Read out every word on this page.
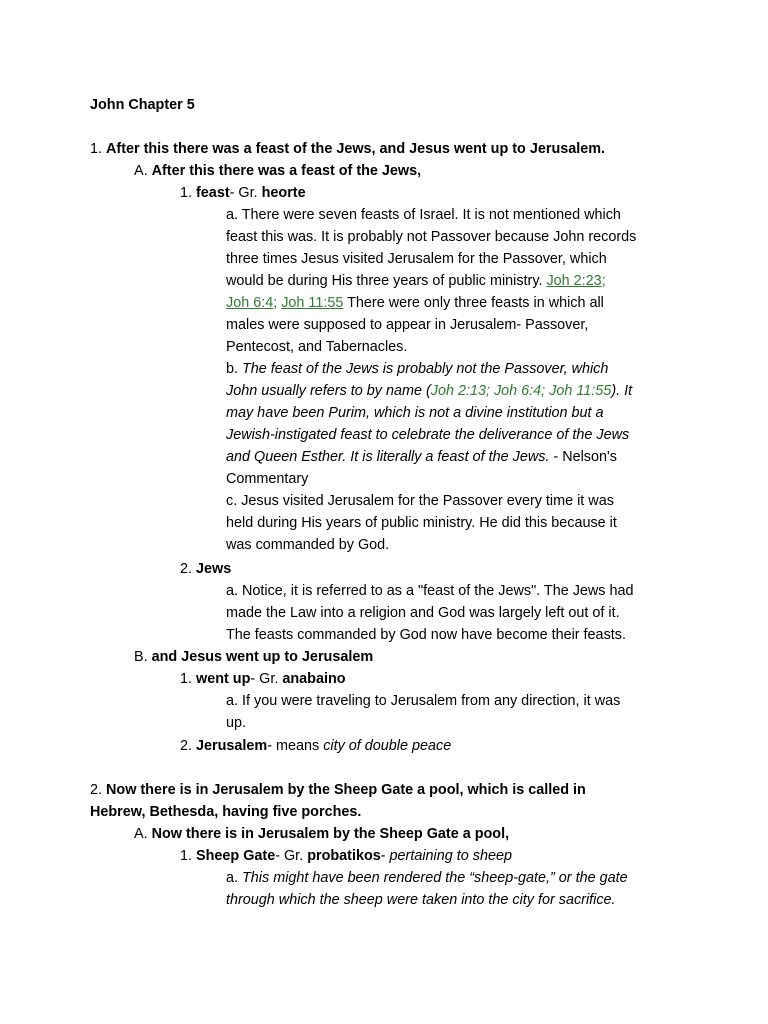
John Chapter 5
1. After this there was a feast of the Jews, and Jesus went up to Jerusalem.
A. After this there was a feast of the Jews,
1. feast- Gr. heorte
a. There were seven feasts of Israel. It is not mentioned which
feast this was. It is probably not Passover because John records
three times Jesus visited Jerusalem for the Passover, which
would be during His three years of public ministry. Joh 2:23;
Joh 6:4; Joh 11:55 There were only three feasts in which all
males were supposed to appear in Jerusalem- Passover,
Pentecost, and Tabernacles.
b. The feast of the Jews is probably not the Passover, which
John usually refers to by name (Joh 2:13; Joh 6:4; Joh 11:55). It
may have been Purim, which is not a divine institution but a
Jewish-instigated feast to celebrate the deliverance of the Jews
and Queen Esther. It is literally a feast of the Jews. - Nelson's
Commentary
c. Jesus visited Jerusalem for the Passover every time it was
held during His years of public ministry. He did this because it
was commanded by God.
2. Jews
a. Notice, it is referred to as a "feast of the Jews". The Jews had
made the Law into a religion and God was largely left out of it.
The feasts commanded by God now have become their feasts.
B. and Jesus went up to Jerusalem
1. went up- Gr. anabaino
a. If you were traveling to Jerusalem from any direction, it was
up.
2. Jerusalem- means city of double peace
2. Now there is in Jerusalem by the Sheep Gate a pool, which is called in
Hebrew, Bethesda, having five porches.
A. Now there is in Jerusalem by the Sheep Gate a pool,
1. Sheep Gate- Gr. probatikos- pertaining to sheep
a. This might have been rendered the “sheep-gate,” or the gate
through which the sheep were taken into the city for sacrifice.
